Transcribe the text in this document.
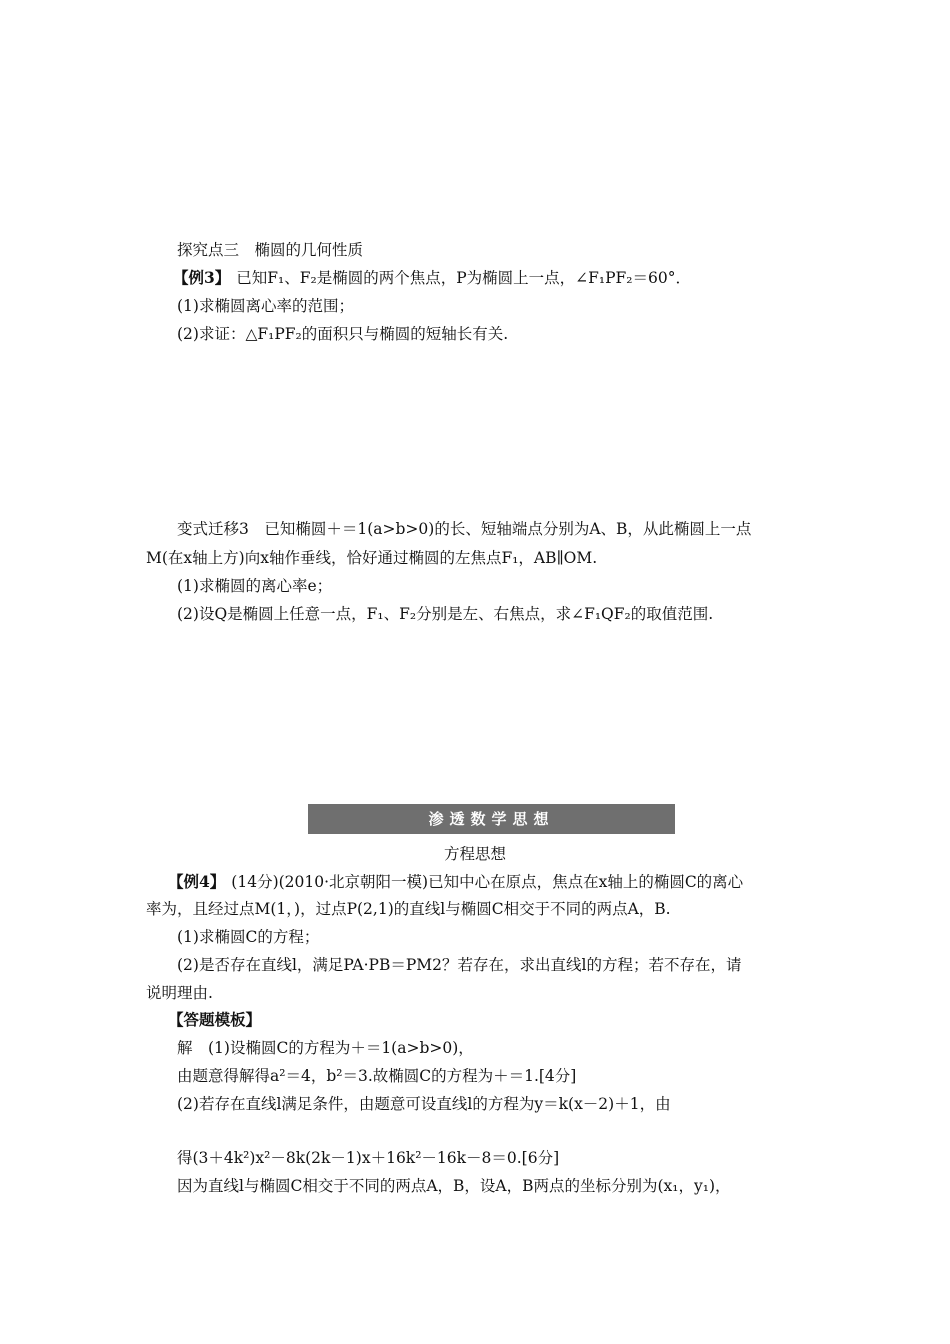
探究点三　椭圆的几何性质
【例3】 已知F₁、F₂是椭圆的两个焦点，P为椭圆上一点，∠F₁PF₂＝60°．
(1)求椭圆离心率的范围；
(2)求证：△F₁PF₂的面积只与椭圆的短轴长有关.
变式迁移3　已知椭圆＋＝1(a>b>0)的长、短轴端点分别为A、B，从此椭圆上一点
M(在x轴上方)向x轴作垂线，恰好通过椭圆的左焦点F₁，AB∥OM.
(1)求椭圆的离心率e；
(2)设Q是椭圆上任意一点，F₁、F₂分别是左、右焦点，求∠F₁QF₂的取值范围.
渗透数学思想
方程思想
【例4】 (14分)(2010·北京朝阳一模)已知中心在原点，焦点在x轴上的椭圆C的离心
率为，且经过点M(1，)，过点P(2,1)的直线l与椭圆C相交于不同的两点A，B.
(1)求椭圆C的方程；
(2)是否存在直线l，满足PA·PB＝PM2？若存在，求出直线l的方程；若不存在，请
说明理由.
【答题模板】
解　(1)设椭圆C的方程为＋＝1(a>b>0)，
由题意得解得a²＝4，b²＝3.故椭圆C的方程为＋＝1.[4分]
(2)若存在直线l满足条件，由题意可设直线l的方程为y＝k(x－2)＋1，由
得(3＋4k²)x²－8k(2k－1)x＋16k²－16k－8＝0.[6分]
因为直线l与椭圆C相交于不同的两点A，B，设A，B两点的坐标分别为(x₁，y₁)，
